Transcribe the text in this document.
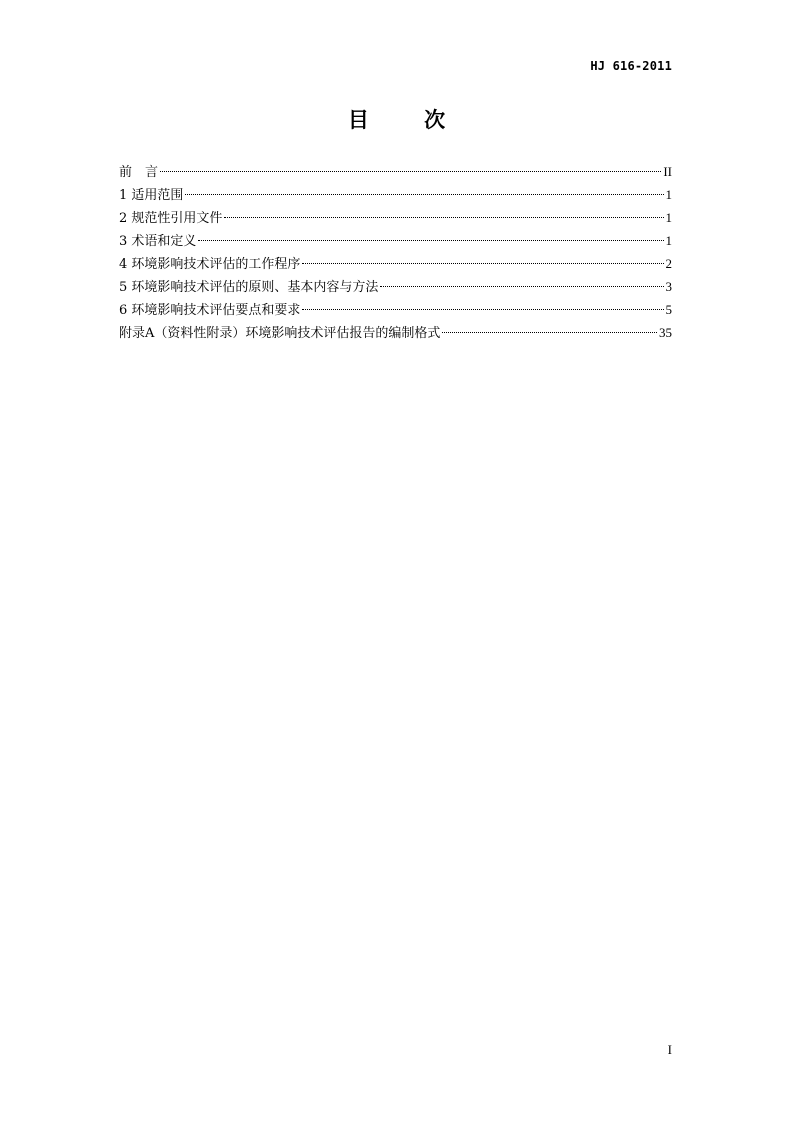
HJ 616-2011
目 次
前　言	II
1 适用范围	1
2 规范性引用文件	1
3 术语和定义	1
4 环境影响技术评估的工作程序	2
5 环境影响技术评估的原则、基本内容与方法	3
6 环境影响技术评估要点和要求	5
附录A（资料性附录）环境影响技术评估报告的编制格式	35
I
